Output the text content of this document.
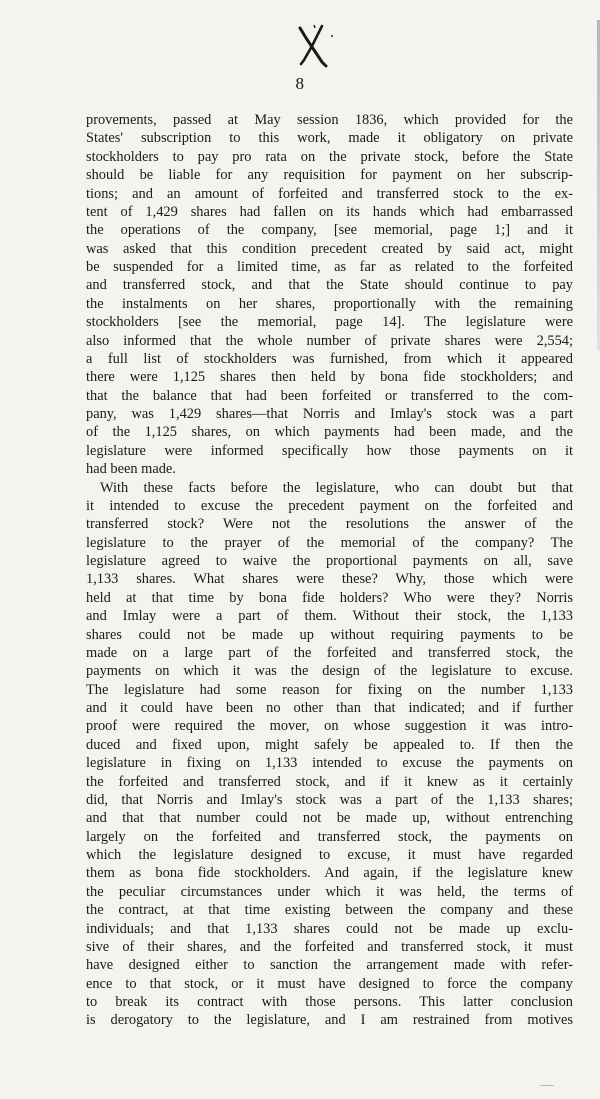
8
provements, passed at May session 1836, which provided for the
States' subscription to this work, made it obligatory on private
stockholders to pay pro rata on the private stock, before the State
should be liable for any requisition for payment on her subscrip-
tions; and an amount of forfeited and transferred stock to the ex-
tent of 1,429 shares had fallen on its hands which had embarrassed
the operations of the company, [see memorial, page 1;] and it
was asked that this condition precedent created by said act, might
be suspended for a limited time, as far as related to the forfeited
and transferred stock, and that the State should continue to pay
the instalments on her shares, proportionally with the remaining
stockholders [see the memorial, page 14]. The legislature were
also informed that the whole number of private shares were 2,554;
a full list of stockholders was furnished, from which it appeared
there were 1,125 shares then held by bona fide stockholders; and
that the balance that had been forfeited or transferred to the com-
pany, was 1,429 shares—that Norris and Imlay's stock was a part
of the 1,125 shares, on which payments had been made, and the
legislature were informed specifically how those payments on it
had been made.
With these facts before the legislature, who can doubt but that
it intended to excuse the precedent payment on the forfeited and
transferred stock? Were not the resolutions the answer of the
legislature to the prayer of the memorial of the company? The
legislature agreed to waive the proportional payments on all, save
1,133 shares. What shares were these? Why, those which were
held at that time by bona fide holders? Who were they? Norris
and Imlay were a part of them. Without their stock, the 1,133
shares could not be made up without requiring payments to be
made on a large part of the forfeited and transferred stock, the
payments on which it was the design of the legislature to excuse.
The legislature had some reason for fixing on the number 1,133
and it could have been no other than that indicated; and if further
proof were required the mover, on whose suggestion it was intro-
duced and fixed upon, might safely be appealed to. If then the
legislature in fixing on 1,133 intended to excuse the payments on
the forfeited and transferred stock, and if it knew as it certainly
did, that Norris and Imlay's stock was a part of the 1,133 shares;
and that that number could not be made up, without entrenching
largely on the forfeited and transferred stock, the payments on
which the legislature designed to excuse, it must have regarded
them as bona fide stockholders. And again, if the legislature knew
the peculiar circumstances under which it was held, the terms of
the contract, at that time existing between the company and these
individuals; and that 1,133 shares could not be made up exclu-
sive of their shares, and the forfeited and transferred stock, it must
have designed either to sanction the arrangement made with refer-
ence to that stock, or it must have designed to force the company
to break its contract with those persons. This latter conclusion
is derogatory to the legislature, and I am restrained from motives
